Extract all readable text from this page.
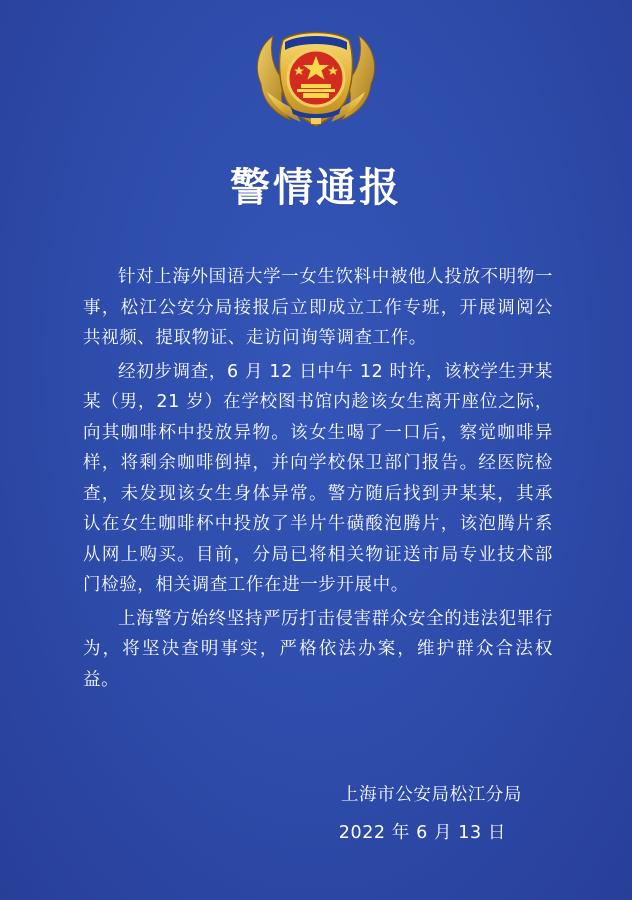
警情通报

针对上海外国语大学一女生饮料中被他人投放不明物一事，松江公安分局接报后立即成立工作专班，开展调阅公共视频、提取物证、走访问询等调查工作。

经初步调查，6 月 12 日中午 12 时许，该校学生尹某某（男，21 岁）在学校图书馆内趁该女生离开座位之际，向其咖啡杯中投放异物。该女生喝了一口后，察觉咖啡异样，将剩余咖啡倒掉，并向学校保卫部门报告。经医院检查，未发现该女生身体异常。警方随后找到尹某某，其承认在女生咖啡杯中投放了半片牛磺酸泡腾片，该泡腾片系从网上购买。目前，分局已将相关物证送市局专业技术部门检验，相关调查工作在进一步开展中。

上海警方始终坚持严厉打击侵害群众安全的违法犯罪行为，将坚决查明事实，严格依法办案，维护群众合法权益。

上海市公安局松江分局
2022 年 6 月 13 日
